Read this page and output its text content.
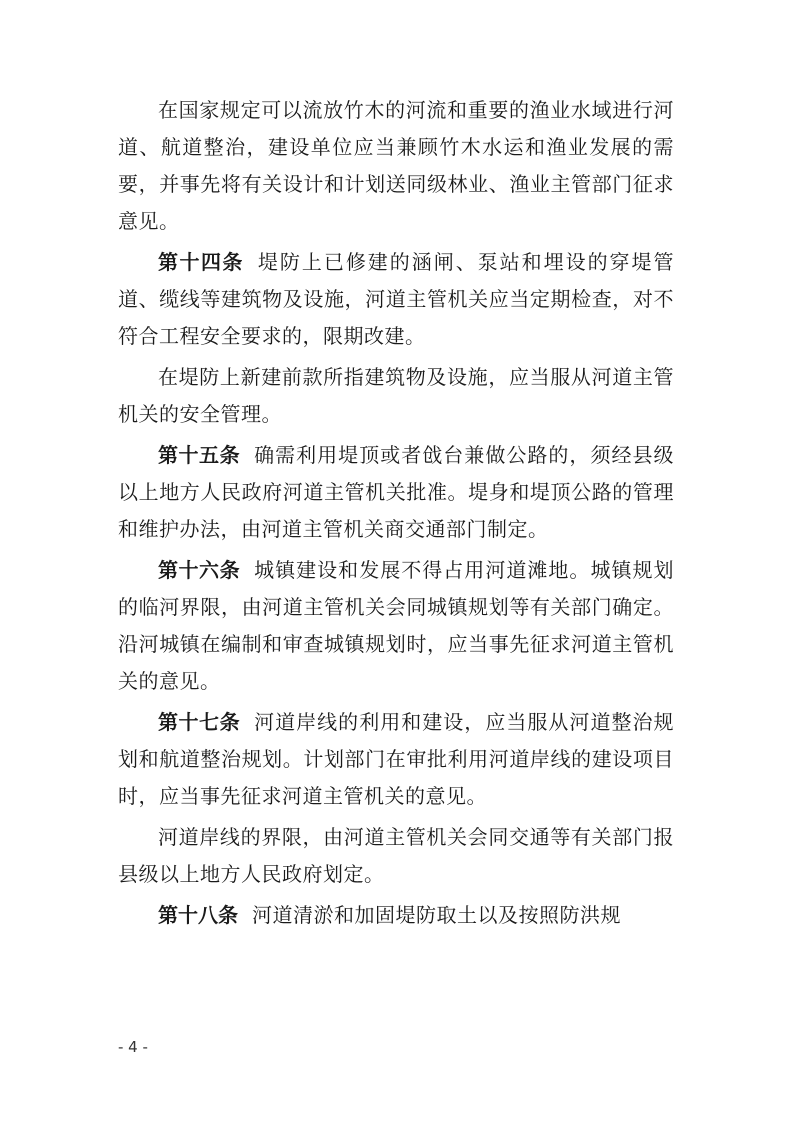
在国家规定可以流放竹木的河流和重要的渔业水域进行河道、航道整治，建设单位应当兼顾竹木水运和渔业发展的需要，并事先将有关设计和计划送同级林业、渔业主管部门征求意见。

第十四条 堤防上已修建的涵闸、泵站和埋设的穿堤管道、缆线等建筑物及设施，河道主管机关应当定期检查，对不符合工程安全要求的，限期改建。

在堤防上新建前款所指建筑物及设施，应当服从河道主管机关的安全管理。

第十五条 确需利用堤顶或者戗台兼做公路的，须经县级以上地方人民政府河道主管机关批准。堤身和堤顶公路的管理和维护办法，由河道主管机关商交通部门制定。

第十六条 城镇建设和发展不得占用河道滩地。城镇规划的临河界限，由河道主管机关会同城镇规划等有关部门确定。沿河城镇在编制和审查城镇规划时，应当事先征求河道主管机关的意见。

第十七条 河道岸线的利用和建设，应当服从河道整治规划和航道整治规划。计划部门在审批利用河道岸线的建设项目时，应当事先征求河道主管机关的意见。

河道岸线的界限，由河道主管机关会同交通等有关部门报县级以上地方人民政府划定。

第十八条 河道清淤和加固堤防取土以及按照防洪规

- 4 -
